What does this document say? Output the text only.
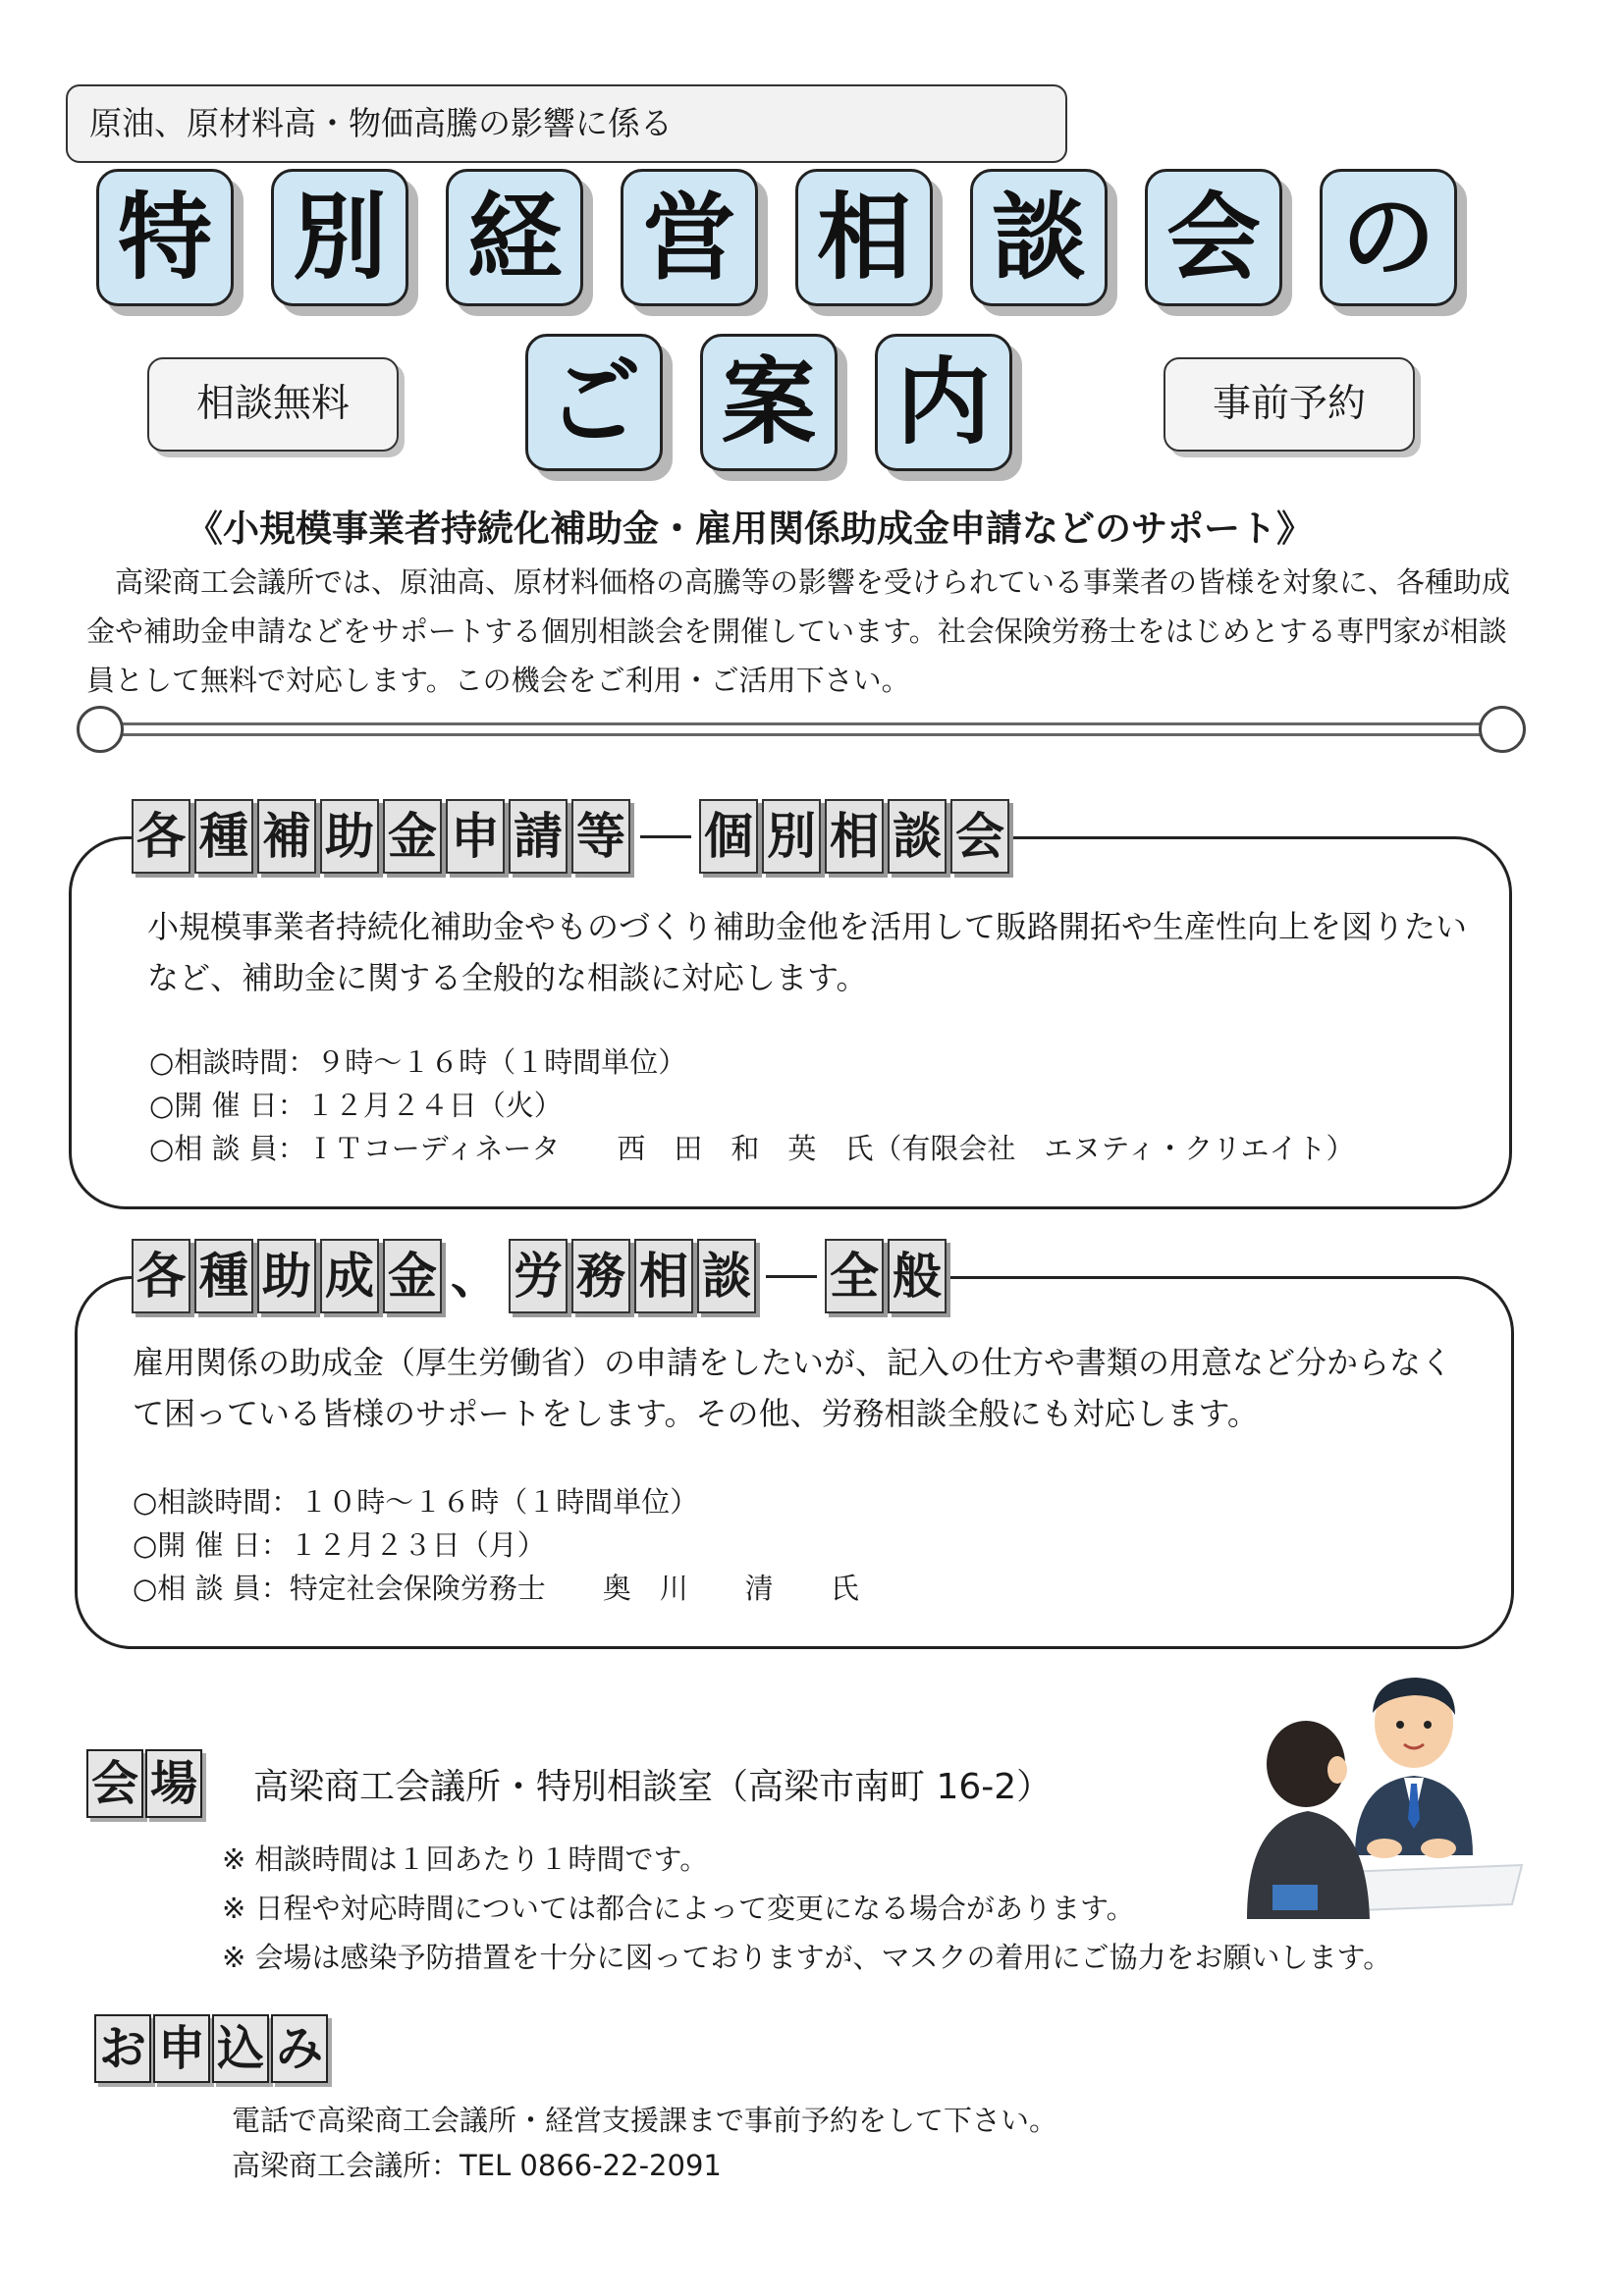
原油、原材料高・物価高騰の影響に係る
特 別 経 営 相 談 会 の
相談無料	ご 案 内	事前予約
《小規模事業者持続化補助金・雇用関係助成金申請などのサポート》

　高梁商工会議所では、原油高、原材料価格の高騰等の影響を受けられている事業者の皆様を対象に、各種助成金や補助金申請などをサポートする個別相談会を開催しています。社会保険労務士をはじめとする専門家が相談員として無料で対応します。この機会をご利用・ご活用下さい。

各 種 補 助 金 申 請 等 個 別 相 談 会

小規模事業者持続化補助金やものづくり補助金他を活用して販路開拓や生産性向上を図りたいなど、補助金に関する全般的な相談に対応します。

○相談時間：９時～１６時（１時間単位）
○開 催 日：１２月２４日（火）
○相 談 員：ＩＴコーディネータ　　西　田　和　英　氏（有限会社　エヌティ・クリエイト）
各 種 助 成 金 、 労 務 相 談 全 般

雇用関係の助成金（厚生労働省）の申請をしたいが、記入の仕方や書類の用意など分からなくて困っている皆様のサポートをします。その他、労務相談全般にも対応します。

○相談時間：１０時～１６時（１時間単位）
○開 催 日：１２月２３日（月）
○相 談 員：特定社会保険労務士　　奥　川　　清　　氏
会 場 高梁商工会議所・特別相談室（高梁市南町 16-2）
※ 相談時間は１回あたり１時間です。
※ 日程や対応時間については都合によって変更になる場合があります。
※ 会場は感染予防措置を十分に図っておりますが、マスクの着用にご協力をお願いします。
お 申 込 み
電話で高梁商工会議所・経営支援課まで事前予約をして下さい。
高梁商工会議所：TEL 0866-22-2091
